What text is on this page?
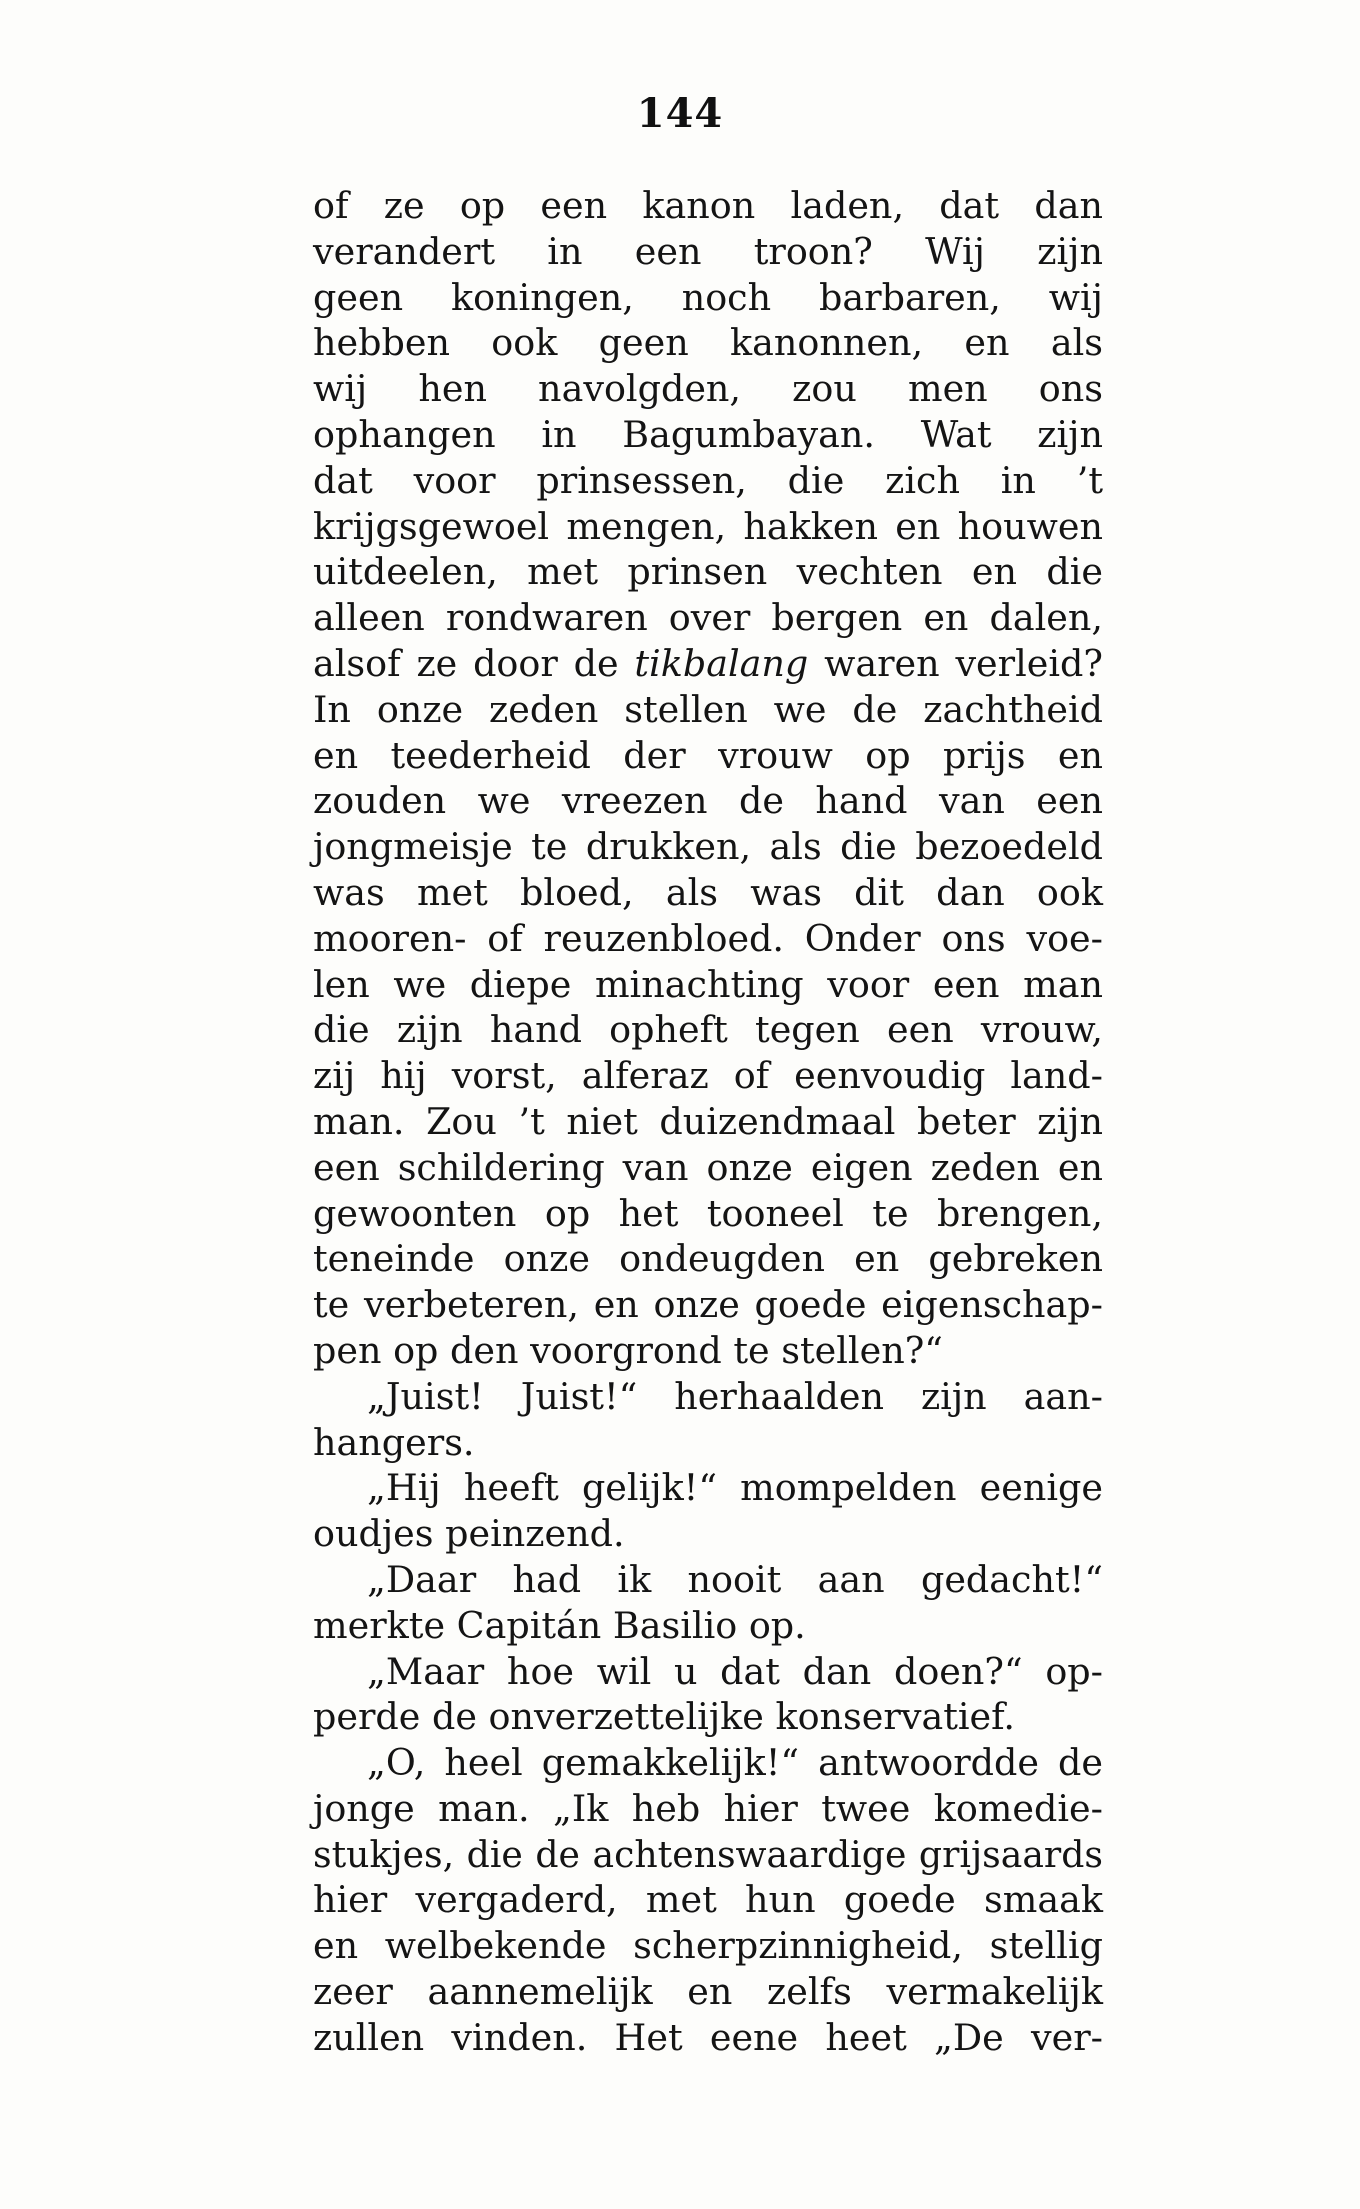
144
of ze op een kanon laden, dat dan
verandert in een troon? Wij zijn
geen koningen, noch barbaren, wij
hebben ook geen kanonnen, en als
wij hen navolgden, zou men ons
ophangen in Bagumbayan. Wat zijn
dat voor prinsessen, die zich in ’t
krijgsgewoel mengen, hakken en houwen
uitdeelen, met prinsen vechten en die
alleen rondwaren over bergen en dalen,
alsof ze door de tikbalang waren verleid?
In onze zeden stellen we de zachtheid
en teederheid der vrouw op prijs en
zouden we vreezen de hand van een
jongmeisje te drukken, als die bezoedeld
was met bloed, als was dit dan ook
mooren- of reuzenbloed. Onder ons voe-
len we diepe minachting voor een man
die zijn hand opheft tegen een vrouw,
zij hij vorst, alferaz of eenvoudig land-
man. Zou ’t niet duizendmaal beter zijn
een schildering van onze eigen zeden en
gewoonten op het tooneel te brengen,
teneinde onze ondeugden en gebreken
te verbeteren, en onze goede eigenschap-
pen op den voorgrond te stellen?“
„Juist! Juist!“ herhaalden zijn aan-
hangers.
„Hij heeft gelijk!“ mompelden eenige
oudjes peinzend.
„Daar had ik nooit aan gedacht!“
merkte Capitán Basilio op.
„Maar hoe wil u dat dan doen?“ op-
perde de onverzettelijke konservatief.
„O, heel gemakkelijk!“ antwoordde de
jonge man. „Ik heb hier twee komedie-
stukjes, die de achtenswaardige grijsaards
hier vergaderd, met hun goede smaak
en welbekende scherpzinnigheid, stellig
zeer aannemelijk en zelfs vermakelijk
zullen vinden. Het eene heet „De ver-
